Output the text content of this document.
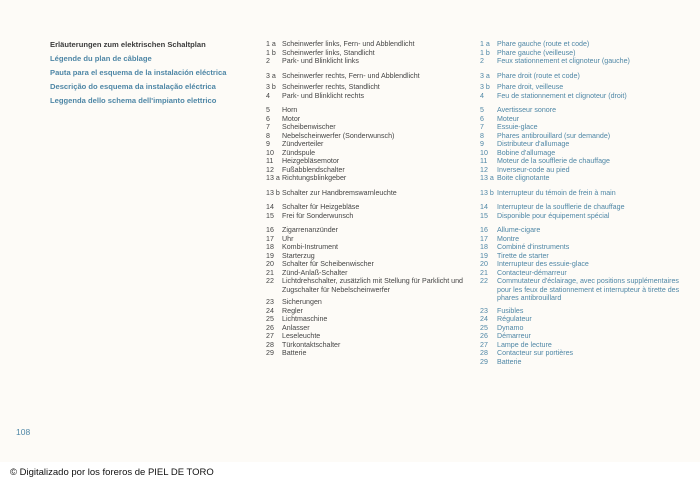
Erläuterungen zum elektrischen Schaltplan
Légende du plan de câblage
Pauta para el esquema de la instalación eléctrica
Descrição do esquema da instalação eléctrica
Leggenda dello schema dell'impianto elettrico
1 a Scheinwerfer links, Fern- und Abblendlicht
1 b Scheinwerfer links, Standlicht
2	Park- und Blinklicht links
3 a Scheinwerfer rechts, Fern- und Abblendlicht
3 b Scheinwerfer rechts, Standlicht
4	Park- und Blinklicht rechts
5	Horn
6	Motor
7	Scheibenwischer
8	Nebelscheinwerfer (Sonderwunsch)
9	Zündverteiler
10	Zündspule
11	Heizgebläsemotor
12	Fußabblendschalter
13 a Richtungsblinkgeber
13 b Schalter zur Handbremswarnleuchte
14	Schalter für Heizgebläse
15	Frei für Sonderwunsch
16	Zigarrenanzünder
17	Uhr
18	Kombi-Instrument
19	Starterzug
20	Schalter für Scheibenwischer
21	Zünd-Anlaß-Schalter
22	Lichtdrehschalter, zusätzlich mit Stellung für Parklicht und Zugschalter für Nebelscheinwerfer
23	Sicherungen
24	Regler
25	Lichtmaschine
26	Anlasser
27	Leseleuchte
28	Türkontaktschalter
29	Batterie
1 a	Phare gauche (route et code)
1 b	Phare gauche (veilleuse)
2	Feux stationnement et clignoteur (gauche)
3 a	Phare droit (route et code)
3 b	Phare droit, veilleuse
4	Feu de stationnement et clignoteur (droit)
5	Avertisseur sonore
6	Moteur
7	Essuie-glace
8	Phares antibrouillard (sur demande)
9	Distributeur d'allumage
10	Bobine d'allumage
11	Moteur de la soufflerie de chauffage
12	Inverseur-code au pied
13 a Boite clignotante
13 b Interrupteur du témoin de frein à main
14	Interrupteur de la soufflerie de chauffage
15	Disponible pour équipement spécial
16	Allume-cigare
17	Montre
18	Combiné d'instruments
19	Tirette de starter
20	Interrupteur des essuie-glace
21	Contacteur-démarreur
22	Commutateur d'éclairage, avec positions supplémentaires pour les feux de stationnement et interrupteur à tirette des phares antibrouillard
23	Fusibles
24	Régulateur
25	Dynamo
26	Démarreur
27	Lampe de lecture
28	Contacteur sur portières
29	Batterie
108
© Digitalizado por los foreros de PIEL DE TORO
